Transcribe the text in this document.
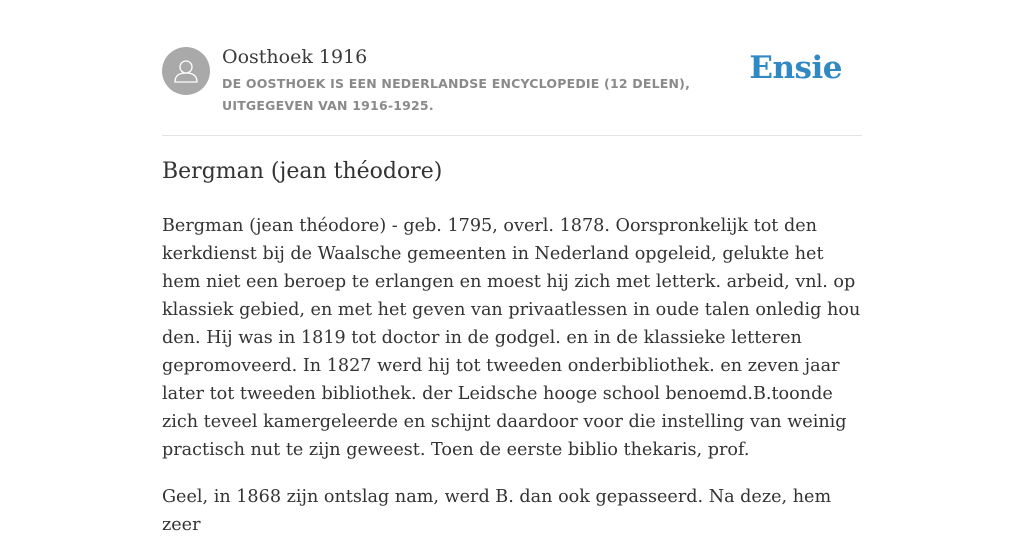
Oosthoek 1916
DE OOSTHOEK IS EEN NEDERLANDSE ENCYCLOPEDIE (12 DELEN), UITGEGEVEN VAN 1916-1925.
Ensie
Bergman (jean théodore)

Bergman (jean théodore) - geb. 1795, overl. 1878. Oorspronkelijk tot den kerkdienst bij de Waalsche gemeenten in Nederland opgeleid, gelukte het hem niet een beroep te erlangen en moest hij zich met letterk. arbeid, vnl. op klassiek gebied, en met het geven van privaatlessen in oude talen onledig hou den. Hij was in 1819 tot doctor in de godgel. en in de klassieke letteren gepromoveerd. In 1827 werd hij tot tweeden onderbibliothek. en zeven jaar later tot tweeden bibliothek. der Leidsche hooge school benoemd.B.toonde zich teveel kamergeleerde en schijnt daardoor voor die instelling van weinig practisch nut te zijn geweest. Toen de eerste biblio thekaris, prof.

Geel, in 1868 zijn ontslag nam, werd B. dan ook gepasseerd. Na deze, hem zeer
